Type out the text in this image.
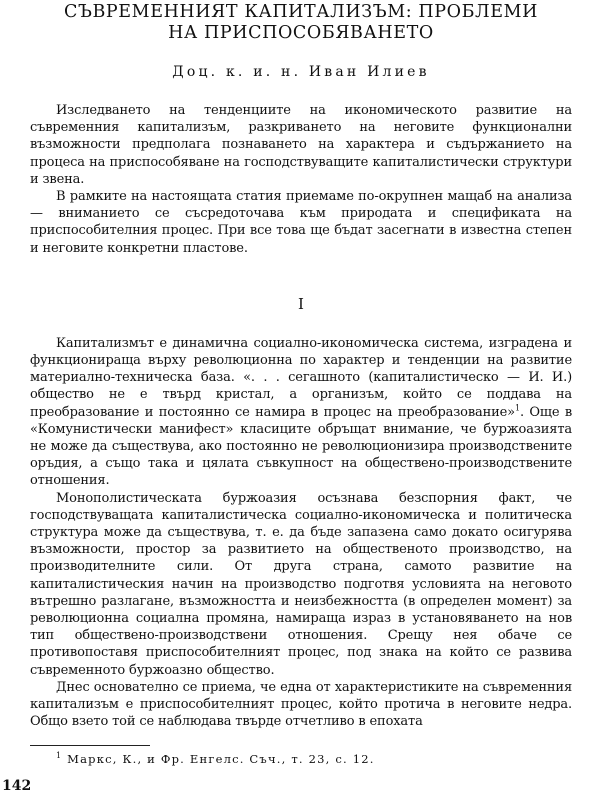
СЪВРЕМЕННИЯТ КАПИТАЛИЗЪМ: ПРОБЛЕМИ
НА ПРИСПОСОБЯВАНЕТО
Доц. к. и. н. Иван Илиев

Изследването на тенденциите на икономическото развитие на съвременния капитализъм, разкриването на неговите функционални възможности предполага познаването на характера и съдържанието на процеса на приспособяване на господствуващите капиталистически структури и звена.

В рамките на настоящата статия приемаме по-окрупнен мащаб на анализа — вниманието се съсредоточава към природата и спецификата на приспособителния процес. При все това ще бъдат засегнати в известна степен и неговите конкретни пластове.

I

Капитализмът е динамична социално-икономическа система, изградена и функционираща върху революционна по характер и тенденции на развитие материално-техническа база. «. . . сегашното (капиталистическо — И. И.) общество не е твърд кристал, а организъм, който се поддава на преобразование и постоянно се намира в процес на преобразование»$^1$. Още в «Комунистически манифест» класиците обръщат внимание, че буржоазията не може да съществува, ако постоянно не революционизира производствените оръдия, а също така и цялата съвкупност на обществено-производствените отношения.

Монополистическата буржоазия осъзнава безспорния факт, че господствуващата капиталистическа социално-икономическа и политическа структура може да съществува, т. е. да бъде запазена само докато осигурява възможности, простор за развитието на общественото производство, на производителните сили. От друга страна, самото развитие на капиталистическия начин на производство подготвя условията на неговото вътрешно разлагане, възможността и неизбежността (в определен момент) за революционна социална промяна, намираща израз в установяването на нов тип обществено-производствени отношения. Срещу нея обаче се противопоставя приспособителният процес, под знака на който се развива съвременното буржоазно общество.

Днес основателно се приема, че една от характеристиките на съвременния капитализъм е приспособителният процес, който протича в неговите недра. Общо взето той се наблюдава твърде отчетливо в епохата

$^1$ Маркс, К., и Фр. Енгелс. Съч., т. 23, с. 12.

142
